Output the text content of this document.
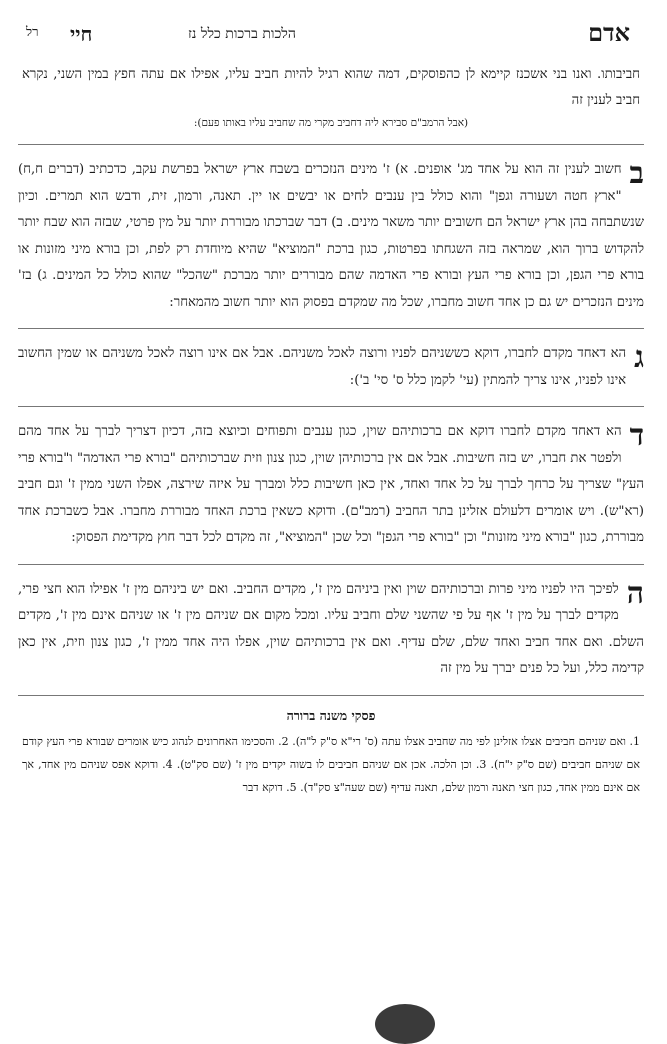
רל חיי	הלכות ברכות כלל נז	אדם
חביבותו. ואנו בני אשכנז קיימא לן כהפוסקים, דמה שהוא רגיל להיות חביב עליו, אפילו אם עתה חפץ במין השני, נקרא חביב לענין זה
(אבל הרמב"ם סבירא ליה דחביב מקרי מה שחביב עליו באותו פעם):
ב
חשוב לענין זה הוא על אחד מג' אופנים. א) ז' מינים הנזכרים בשבח ארץ ישראל בפרשת עקב, כדכתיב (דברים ח,ח) "ארץ חטה ושעורה וגפן" והוא כולל בין ענבים לחים או יבשים או יין. תאנה, ורמון, זית, ודבש הוא תמרים. וכיון שנשתבחה בהן ארץ ישראל הם חשובים יותר משאר מינים. ב) דבר שברכתו מבוררת יותר על מין פרטי, שבזה הוא שבח יותר להקדוש ברוך הוא, שמראה בזה השגחתו בפרטות, כגון ברכת "המוציא" שהיא מיוחדת רק לפת, וכן בורא מיני מזונות או בורא פרי הגפן, וכן בורא פרי העץ ובורא פרי האדמה שהם מבוררים יותר מברכת "שהכל" שהוא כולל כל המינים. ג) בז' מינים הנזכרים יש גם כן אחד חשוב מחברו, שכל מה שמקדם בפסוק הוא יותר חשוב מהמאחר:
ג
הא דאחד מקדם לחברו, דוקא כששניהם לפניו ורוצה לאכל משניהם. אבל אם אינו רוצה לאכל משניהם או שמין החשוב אינו לפניו, אינו צריך להמתין (עי' לקמן כלל ס' סי' ב'):
ד
הא דאחד מקדם לחברו דוקא אם ברכותיהם שוין, כגון ענבים ותפוחים וכיוצא בזה, דכיון דצריך לברך על אחד מהם ולפטר את חברו, יש בזה חשיבות. אבל אם אין ברכותיהן שוין, כגון צנון וזית שברכותיהם "בורא פרי האדמה" ו"בורא פרי העץ" שצריך על כרחך לברך על כל אחד ואחד, אין כאן חשיבות כלל ומברך על איזה שירצה, אפלו השני ממין ז' וגם חביב (רא"ש). ויש אומרים דלעולם אזלינן בתר החביב (רמב"ם). ודוקא כשאין ברכת האחד מבוררת מחברו. אבל כשברכת אחד מבוררת, כגון "בורא מיני מזונות" וכן "בורא פרי הגפן" וכל שכן "המוציא", זה מקדם לכל דבר חוץ מקדימת הפסוק:
ה
לפיכך היו לפניו מיני פרות וברכותיהם שוין ואין ביניהם מין ז', מקדים החביב. ואם יש ביניהם מין ז' אפילו הוא חצי פרי, מקדים לברך על מין ז' אף על פי שהשני שלם וחביב עליו. ומכל מקום אם שניהם מין ז' או שניהם אינם מין ז', מקדים השלם. ואם אחד חביב ואחד שלם, שלם עדיף. ואם אין ברכותיהם שוין, אפלו היה אחד ממין ז', כגון צנון וזית, אין כאן קדימה כלל, ועל כל פנים יברך על מין זה
פסקי משנה ברורה
1. ואם שניהם חביבים אצלו אזלינן לפי מה שחביב אצלו עתה (ס' רי"א ס"ק ל"ה). 2. והסכימו האחרונים לנהוג כיש אומרים שבורא פרי העץ קודם אם שניהם חביבים (שם ס"ק י"ח). 3. וכן הלכה. אכן אם שניהם חביבים לו בשוה יקדים מין ז' (שם סק"ט). 4. ודוקא אפס שניהם מין אחד, אך אם אינם ממין אחד, כגון חצי תאנה ורמון שלם, תאנה עדיף (שם שעה"צ סק"ד). 5. דוקא דבר
